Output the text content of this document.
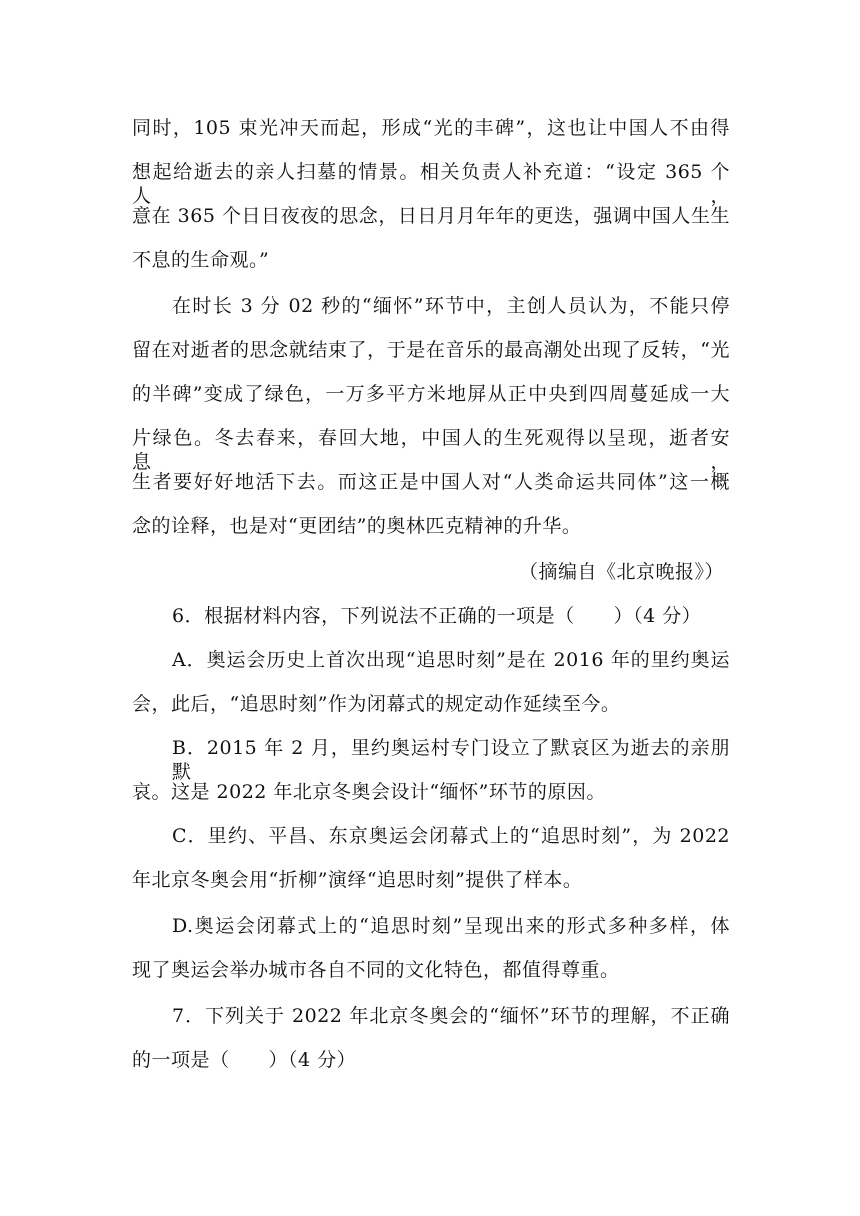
同时，105 束光冲天而起，形成“光的丰碑”，这也让中国人不由得
想起给逝去的亲人扫墓的情景。相关负责人补充道：“设定 365 个人，
意在 365 个日日夜夜的思念，日日月月年年的更迭，强调中国人生生
不息的生命观。”
在时长 3 分 02 秒的“缅怀”环节中，主创人员认为，不能只停
留在对逝者的思念就结束了，于是在音乐的最高潮处出现了反转，“光
的半碑”变成了绿色，一万多平方米地屏从正中央到四周蔓延成一大
片绿色。冬去春来，春回大地，中国人的生死观得以呈现，逝者安息，
生者要好好地活下去。而这正是中国人对“人类命运共同体”这一概
念的诠释，也是对“更团结”的奥林匹克精神的升华。
（摘编自《北京晚报》）
6．根据材料内容，下列说法不正确的一项是（　　）（4 分）
A．奥运会历史上首次出现“追思时刻”是在 2016 年的里约奥运
会，此后，“追思时刻”作为闭幕式的规定动作延续至今。
B．2015 年 2 月，里约奥运村专门设立了默哀区为逝去的亲朋默
哀。这是 2022 年北京冬奥会设计“缅怀”环节的原因。
C．里约、平昌、东京奥运会闭幕式上的“追思时刻”，为 2022
年北京冬奥会用“折柳”演绎“追思时刻”提供了样本。
D.奥运会闭幕式上的“追思时刻”呈现出来的形式多种多样，体
现了奥运会举办城市各自不同的文化特色，都值得尊重。
7．下列关于 2022 年北京冬奥会的“缅怀”环节的理解，不正确
的一项是（　　）（4 分）
